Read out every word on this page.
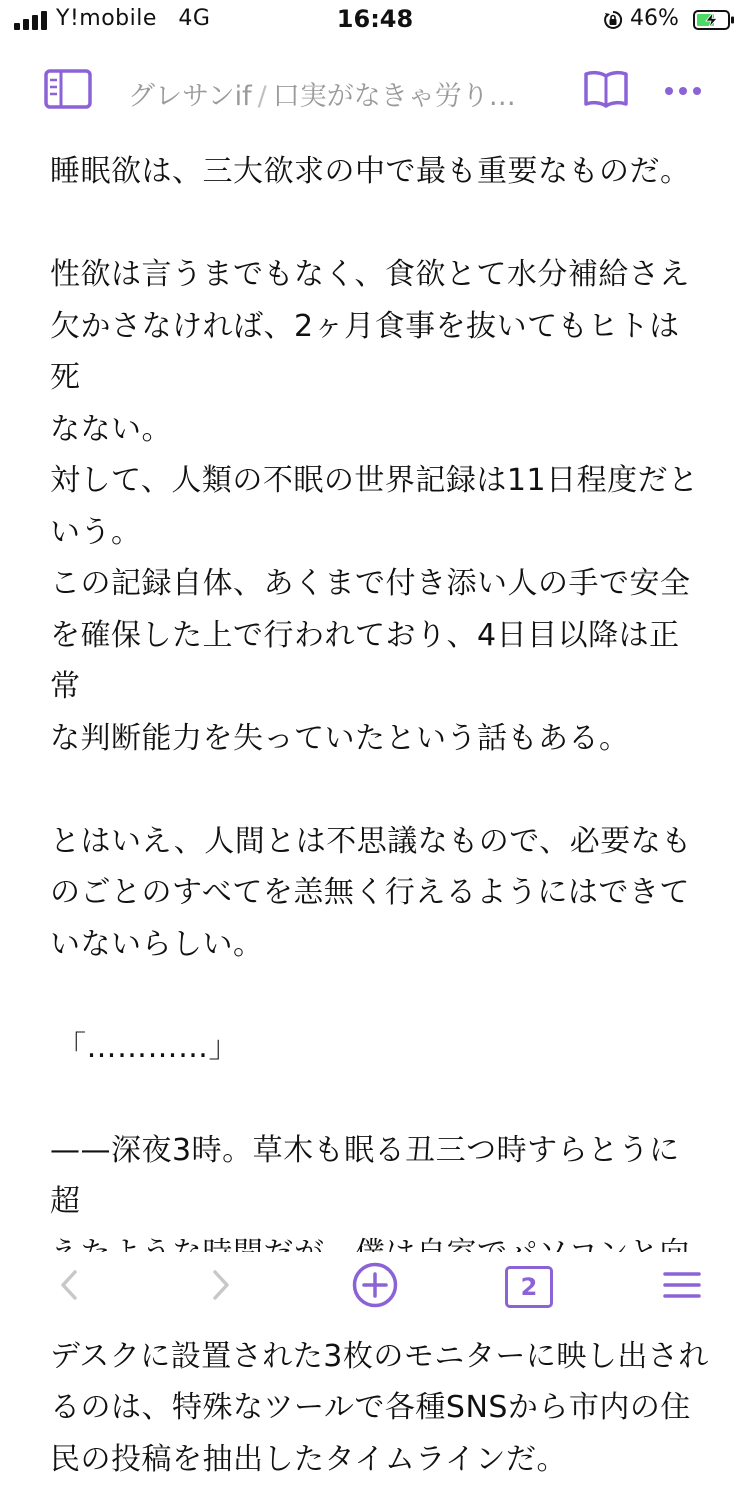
Y!mobile 4G	16:48	46%
グレサンif / 口実がなきゃ労り…

睡眠欲は、三大欲求の中で最も重要なものだ。

性欲は言うまでもなく、食欲とて水分補給さえ

欠かさなければ、2ヶ月食事を抜いてもヒトは死

なない。

対して、人類の不眠の世界記録は11日程度だと

いう。

この記録自体、あくまで付き添い人の手で安全

を確保した上で行われており、4日目以降は正常

な判断能力を失っていたという話もある。

とはいえ、人間とは不思議なもので、必要なも

のごとのすべてを恙無く行えるようにはできて

いないらしい。

「…………」

——深夜3時。草木も眠る丑三つ時すらとうに超

デスクに設置された3枚のモニターに映し出され

るのは、特殊なツールで各種SNSから市内の住

民の投稿を抽出したタイムラインだ。

2
